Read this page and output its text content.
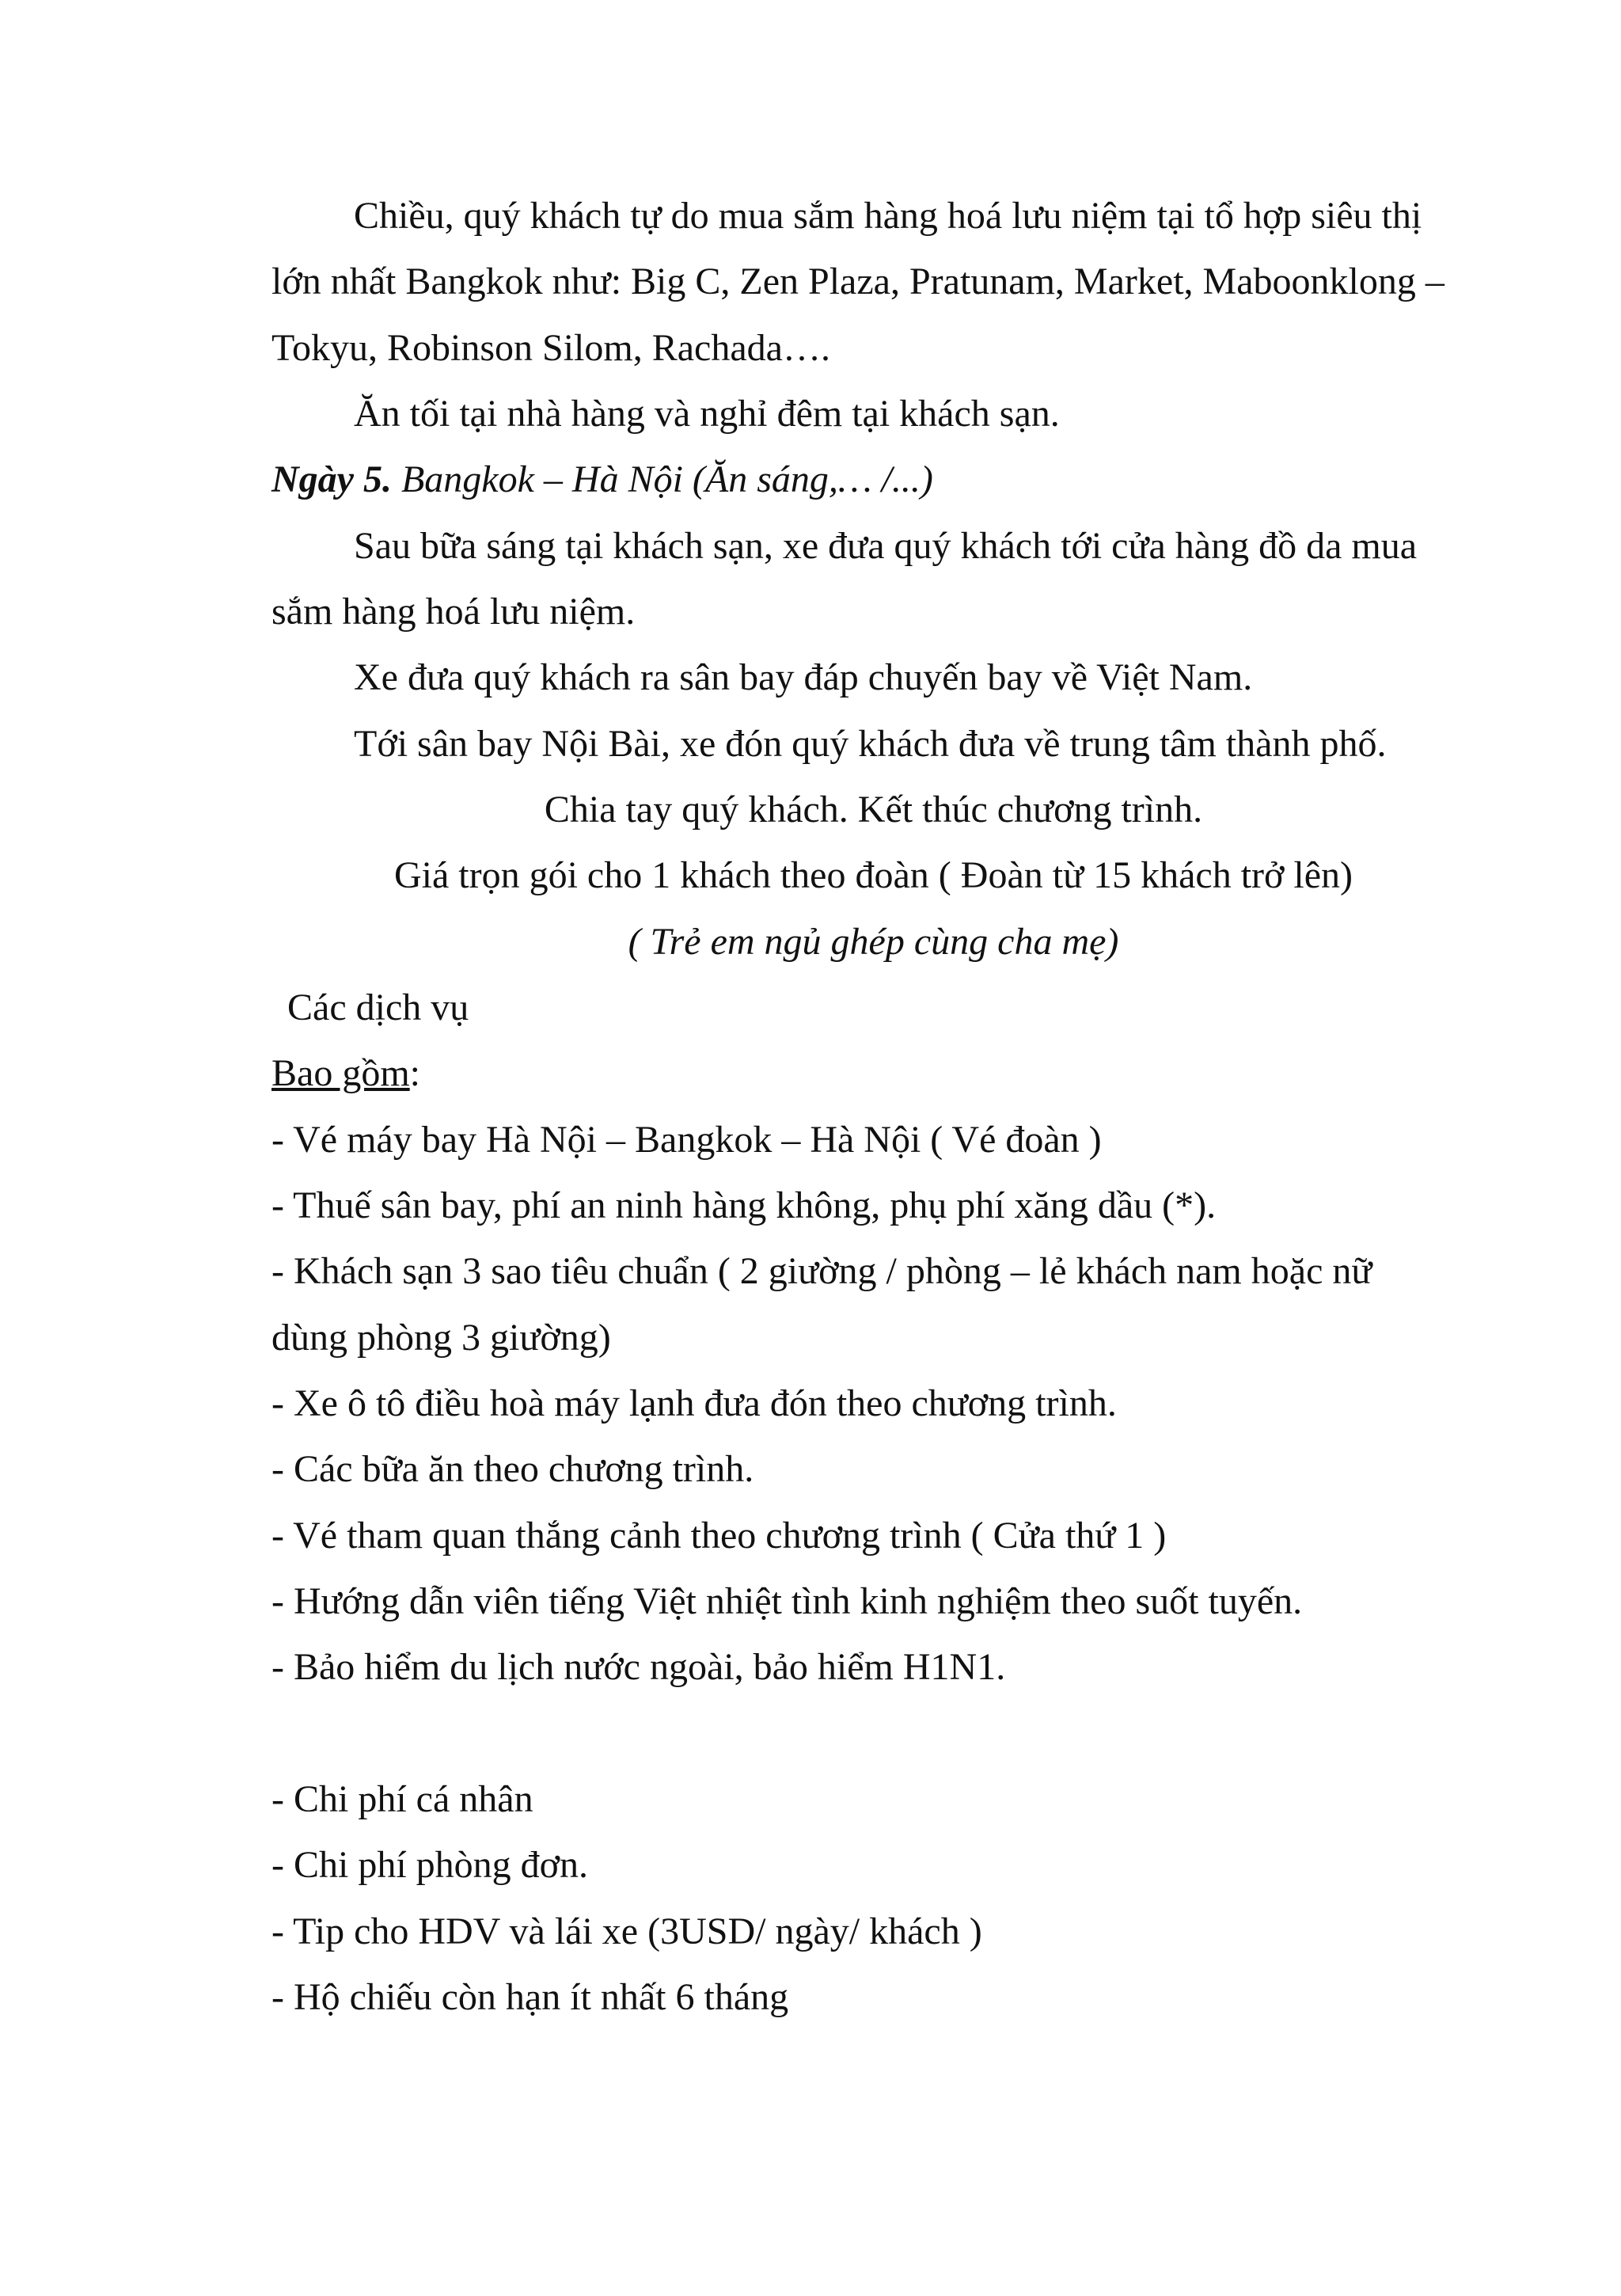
Chiều, quý khách tự do mua sắm hàng hoá lưu niệm tại tổ hợp siêu thị
lớn nhất Bangkok như: Big C, Zen Plaza, Pratunam, Market, Maboonklong –
Tokyu, Robinson Silom, Rachada….
Ăn tối tại nhà hàng và nghỉ đêm tại khách sạn.
Ngày 5. Bangkok – Hà Nội (Ăn sáng,… /...)
Sau bữa sáng tại khách sạn, xe đưa quý khách tới cửa hàng đồ da mua
sắm hàng hoá lưu niệm.
Xe đưa quý khách ra sân bay đáp chuyến bay về Việt Nam.
Tới sân bay Nội Bài, xe đón quý khách đưa về trung tâm thành phố.
Chia tay quý khách. Kết thúc chương trình.
Giá trọn gói cho 1 khách theo đoàn ( Đoàn từ 15 khách trở lên)
( Trẻ em ngủ ghép cùng cha mẹ)
Các dịch vụ
Bao gồm:
- Vé máy bay Hà Nội – Bangkok – Hà Nội ( Vé đoàn )
- Thuế sân bay, phí an ninh hàng không, phụ phí xăng dầu (*).
- Khách sạn 3 sao tiêu chuẩn ( 2 giường / phòng – lẻ khách nam hoặc nữ
dùng phòng 3 giường)
- Xe ô tô điều hoà máy lạnh đưa đón theo chương trình.
- Các bữa ăn theo chương trình.
- Vé tham quan thắng cảnh theo chương trình ( Cửa thứ 1 )
- Hướng dẫn viên tiếng Việt nhiệt tình kinh nghiệm theo suốt tuyến.
- Bảo hiểm du lịch nước ngoài, bảo hiểm H1N1.
- Chi phí cá nhân
- Chi phí phòng đơn.
- Tip cho HDV và lái xe (3USD/ ngày/ khách )
- Hộ chiếu còn hạn ít nhất 6 tháng
